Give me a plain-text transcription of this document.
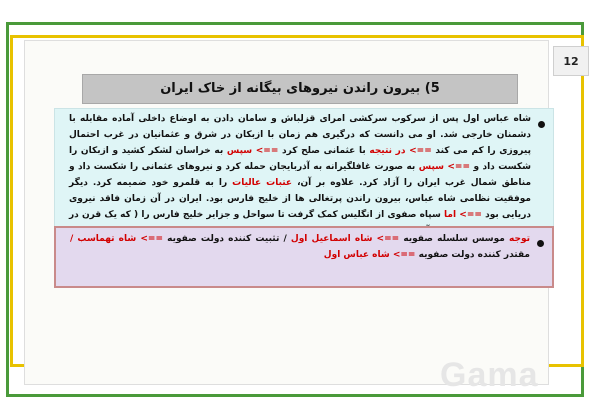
12
5) بیرون راندن نیروهای بیگانه از خاک ایران
شاه عباس اول پس از سرکوب سرکشی امرای قزلباش و سامان دادن به اوضاع داخلی آماده مقابله با دشمنان خارجی شد. او می دانست که درگیری هم زمان با ازبکان در شرق و عثمانیان در غرب احتمال پیروزی را کم می کند ==> در نتیجه با عثمانی صلح کرد ==> سپس به خراسان لشکر کشید و ازبکان را شکست داد و ==> سپس به صورت غافلگیرانه به آذربایجان حمله کرد و نیروهای عثمانی را شکست داد و مناطق شمال غرب ایران را آزاد کرد. علاوه بر آن، عتبات عالیات را به قلمرو خود ضمیمه کرد. دیگر موفقیت نظامی شاه عباس، بیرون راندن پرتغالی ها از خلیج فارس بود. ایران در آن زمان فاقد نیروی دریایی بود ==> اما سپاه صفوی از انگلیس کمک گرفت تا سواحل و جزایر خلیج فارس را ( که یک قرن در
توجه موسس سلسله صفویه ==> شاه اسماعیل اول / تثبیت کننده دولت صفویه ==> شاه تهماسب / مقتدر کننده دولت صفویه ==> شاه عباس اول
Gama
